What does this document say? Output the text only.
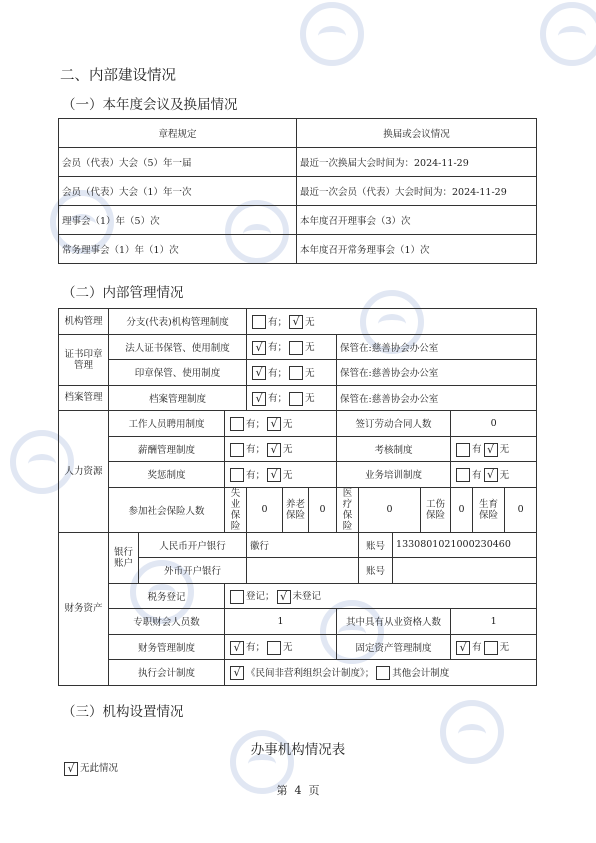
二、内部建设情况
（一）本年度会议及换届情况
章程规定	换届或会议情况
会员（代表）大会（5）年一届	最近一次换届大会时间为：2024-11-29
会员（代表）大会（1）年一次	最近一次会员（代表）大会时间为：2024-11-29
理事会（1）年（5）次	本年度召开理事会（3）次
常务理事会（1）年（1）次	本年度召开常务理事会（1）次
（二）内部管理情况
机构管理	分支(代表)机构管理制度			有； √ 无									
证书印章管理	法人证书保管、使用制度			√ 有； 无			保管在:慈善协会办公室						
	印章保管、使用制度			√ 有； 无			保管在:慈善协会办公室						
档案管理	档案管理制度			√ 有； 无			保管在:慈善协会办公室						
人力资源	工作人员聘用制度		有； √ 无				签订劳动合同人数				0		
	薪酬管理制度		有； √ 无				考核制度				有 √ 无		
	奖惩制度		有； √ 无				业务培训制度				有 √ 无		
	参加社会保险人数		失业保险	0	养老保险	0	医疗保险	0		工伤保险	0	生育保险	0
财务资产	银行账户	人民币开户银行		徽行				账号	1330801021000230460				
		外币开户银行						账号					
	税务登记		登记； √ 未登记										
	专职财会人员数		1				其中具有从业资格人数				1		
	财务管理制度		√ 有； 无				固定资产管理制度				√ 有 无		
	执行会计制度		√ 《民间非营利组织会计制度》； 其他会计制度										
（三）机构设置情况
办事机构情况表
√ 无此情况
第  4  页
